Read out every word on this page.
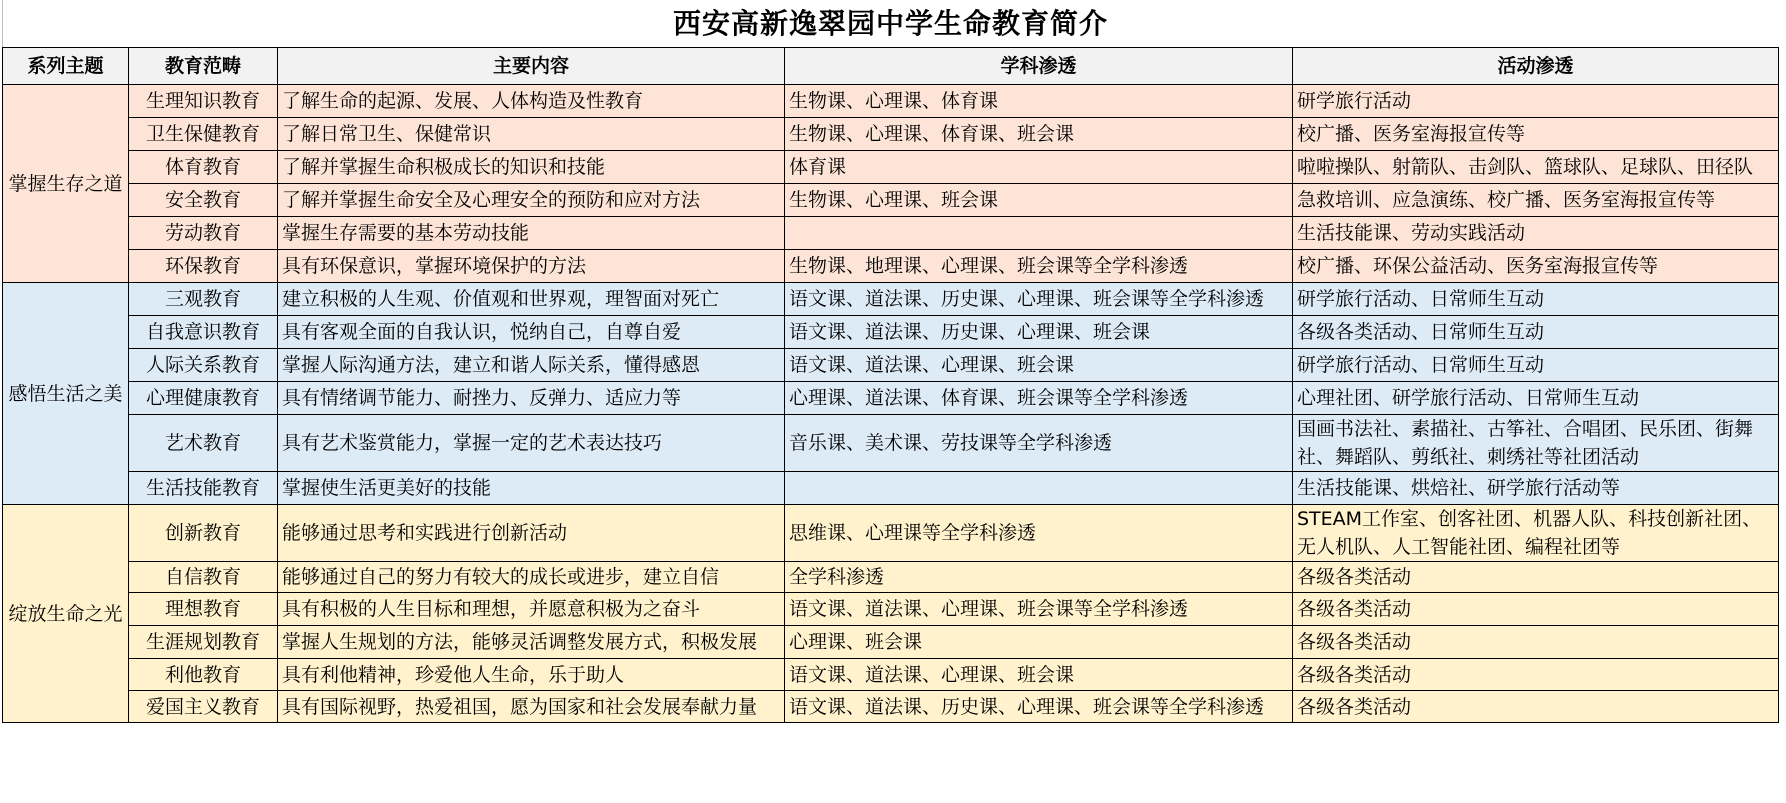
西安高新逸翠园中学生命教育简介
系列主题	教育范畴	主要内容	学科渗透	活动渗透
掌握生存之道	生理知识教育	了解生命的起源、发展、人体构造及性教育	生物课、心理课、体育课	研学旅行活动
	卫生保健教育	了解日常卫生、保健常识	生物课、心理课、体育课、班会课	校广播、医务室海报宣传等
	体育教育	了解并掌握生命积极成长的知识和技能	体育课	啦啦操队、射箭队、击剑队、篮球队、足球队、田径队
	安全教育	了解并掌握生命安全及心理安全的预防和应对方法	生物课、心理课、班会课	急救培训、应急演练、校广播、医务室海报宣传等
	劳动教育	掌握生存需要的基本劳动技能		生活技能课、劳动实践活动
	环保教育	具有环保意识，掌握环境保护的方法	生物课、地理课、心理课、班会课等全学科渗透	校广播、环保公益活动、医务室海报宣传等
感悟生活之美	三观教育	建立积极的人生观、价值观和世界观，理智面对死亡	语文课、道法课、历史课、心理课、班会课等全学科渗透	研学旅行活动、日常师生互动
	自我意识教育	具有客观全面的自我认识，悦纳自己，自尊自爱	语文课、道法课、历史课、心理课、班会课	各级各类活动、日常师生互动
	人际关系教育	掌握人际沟通方法，建立和谐人际关系，懂得感恩	语文课、道法课、心理课、班会课	研学旅行活动、日常师生互动
	心理健康教育	具有情绪调节能力、耐挫力、反弹力、适应力等	心理课、道法课、体育课、班会课等全学科渗透	心理社团、研学旅行活动、日常师生互动
	艺术教育	具有艺术鉴赏能力，掌握一定的艺术表达技巧	音乐课、美术课、劳技课等全学科渗透	国画书法社、素描社、古筝社、合唱团、民乐团、街舞社、舞蹈队、剪纸社、刺绣社等社团活动
	生活技能教育	掌握使生活更美好的技能		生活技能课、烘焙社、研学旅行活动等
绽放生命之光	创新教育	能够通过思考和实践进行创新活动	思维课、心理课等全学科渗透	STEAM工作室、创客社团、机器人队、科技创新社团、无人机队、人工智能社团、编程社团等
	自信教育	能够通过自己的努力有较大的成长或进步，建立自信	全学科渗透	各级各类活动
	理想教育	具有积极的人生目标和理想，并愿意积极为之奋斗	语文课、道法课、心理课、班会课等全学科渗透	各级各类活动
	生涯规划教育	掌握人生规划的方法，能够灵活调整发展方式，积极发展	心理课、班会课	各级各类活动
	利他教育	具有利他精神，珍爱他人生命，乐于助人	语文课、道法课、心理课、班会课	各级各类活动
	爱国主义教育	具有国际视野，热爱祖国，愿为国家和社会发展奉献力量	语文课、道法课、历史课、心理课、班会课等全学科渗透	各级各类活动
